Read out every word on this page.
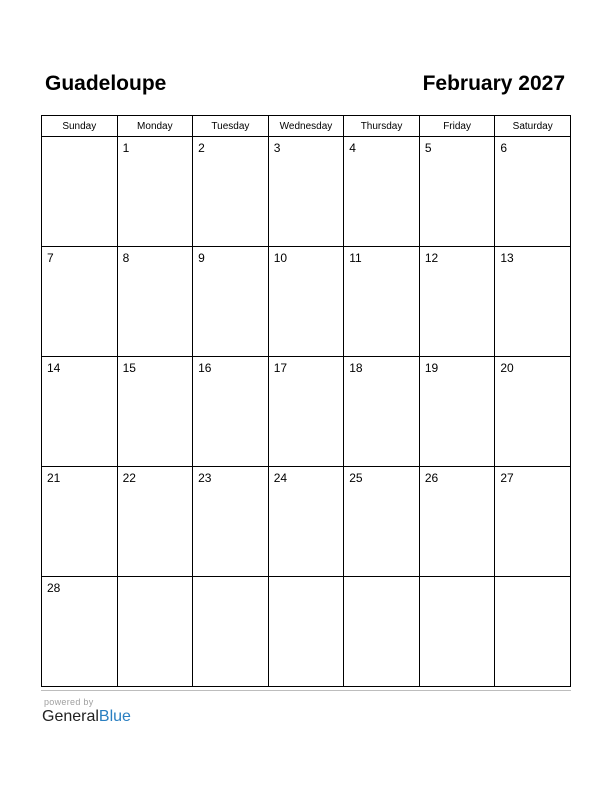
Guadeloupe	February 2027
Sunday	Monday	Tuesday	Wednesday	Thursday	Friday	Saturday

	1	2	3	4	5	6

7	8	9	10	11	12	13

14	15	16	17	18	19	20

21	22	23	24	25	26	27

28						

powered by
GeneralBlue
